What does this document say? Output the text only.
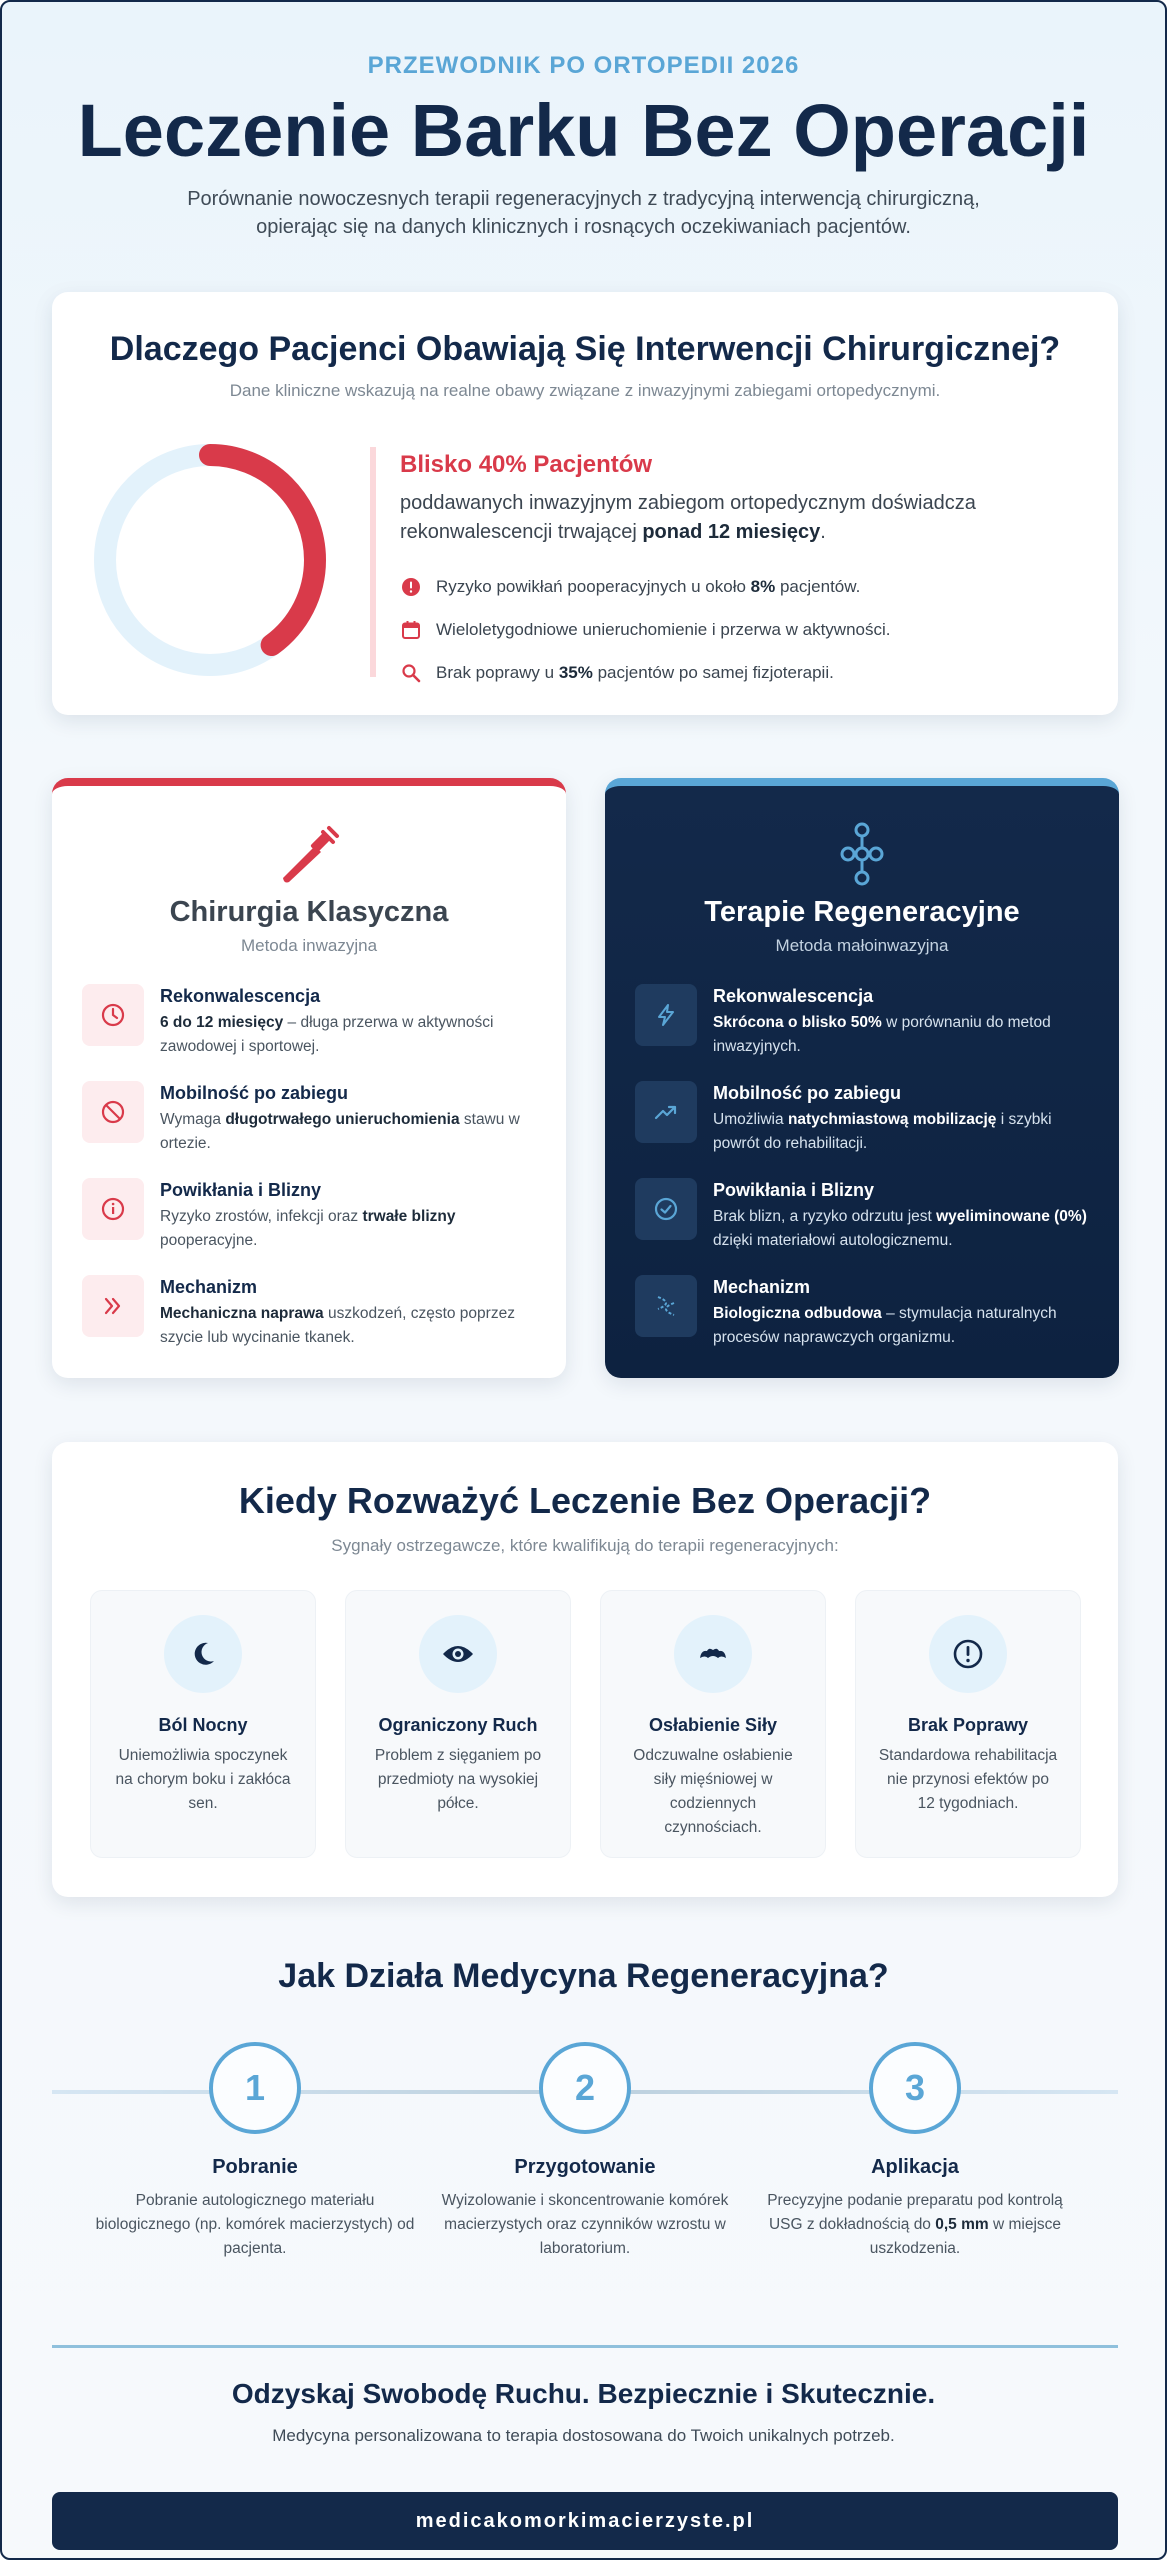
PRZEWODNIK PO ORTOPEDII 2026
Leczenie Barku Bez Operacji
Porównanie nowoczesnych terapii regeneracyjnych z tradycyjną interwencją chirurgiczną, opierając się na danych klinicznych i rosnących oczekiwaniach pacjentów.
Dlaczego Pacjenci Obawiają Się Interwencji Chirurgicznej?
Dane kliniczne wskazują na realne obawy związane z inwazyjnymi zabiegami ortopedycznymi.
Blisko 40% Pacjentów
poddawanych inwazyjnym zabiegom ortopedycznym doświadcza rekonwalescencji trwającej ponad 12 miesięcy.
Ryzyko powikłań pooperacyjnych u około 8% pacjentów.
Wieloletygodniowe unieruchomienie i przerwa w aktywności.
Brak poprawy u 35% pacjentów po samej fizjoterapii.
Chirurgia Klasyczna
Metoda inwazyjna
Rekonwalescencja
6 do 12 miesięcy – długa przerwa w aktywności zawodowej i sportowej.
Mobilność po zabiegu
Wymaga długotrwałego unieruchomienia stawu w ortezie.
Powikłania i Blizny
Ryzyko zrostów, infekcji oraz trwałe blizny pooperacyjne.
Mechanizm
Mechaniczna naprawa uszkodzeń, często poprzez szycie lub wycinanie tkanek.
Terapie Regeneracyjne
Metoda małoinwazyjna
Rekonwalescencja
Skrócona o blisko 50% w porównaniu do metod inwazyjnych.
Mobilność po zabiegu
Umożliwia natychmiastową mobilizację i szybki powrót do rehabilitacji.
Powikłania i Blizny
Brak blizn, a ryzyko odrzutu jest wyeliminowane (0%) dzięki materiałowi autologicznemu.
Mechanizm
Biologiczna odbudowa – stymulacja naturalnych procesów naprawczych organizmu.
Kiedy Rozważyć Leczenie Bez Operacji?
Sygnały ostrzegawcze, które kwalifikują do terapii regeneracyjnych:
Ból Nocny
Uniemożliwia spoczynek na chorym boku i zakłóca sen.
Ograniczony Ruch
Problem z sięganiem po przedmioty na wysokiej półce.
Osłabienie Siły
Odczuwalne osłabienie siły mięśniowej w codziennych czynnościach.
Brak Poprawy
Standardowa rehabilitacja nie przynosi efektów po 12 tygodniach.
Jak Działa Medycyna Regeneracyjna?
1
Pobranie
Pobranie autologicznego materiału biologicznego (np. komórek macierzystych) od pacjenta.
2
Przygotowanie
Wyizolowanie i skoncentrowanie komórek macierzystych oraz czynników wzrostu w laboratorium.
3
Aplikacja
Precyzyjne podanie preparatu pod kontrolą USG z dokładnością do 0,5 mm w miejsce uszkodzenia.
Odzyskaj Swobodę Ruchu. Bezpiecznie i Skutecznie.
Medycyna personalizowana to terapia dostosowana do Twoich unikalnych potrzeb.
medicakomorkimacierzyste.pl
